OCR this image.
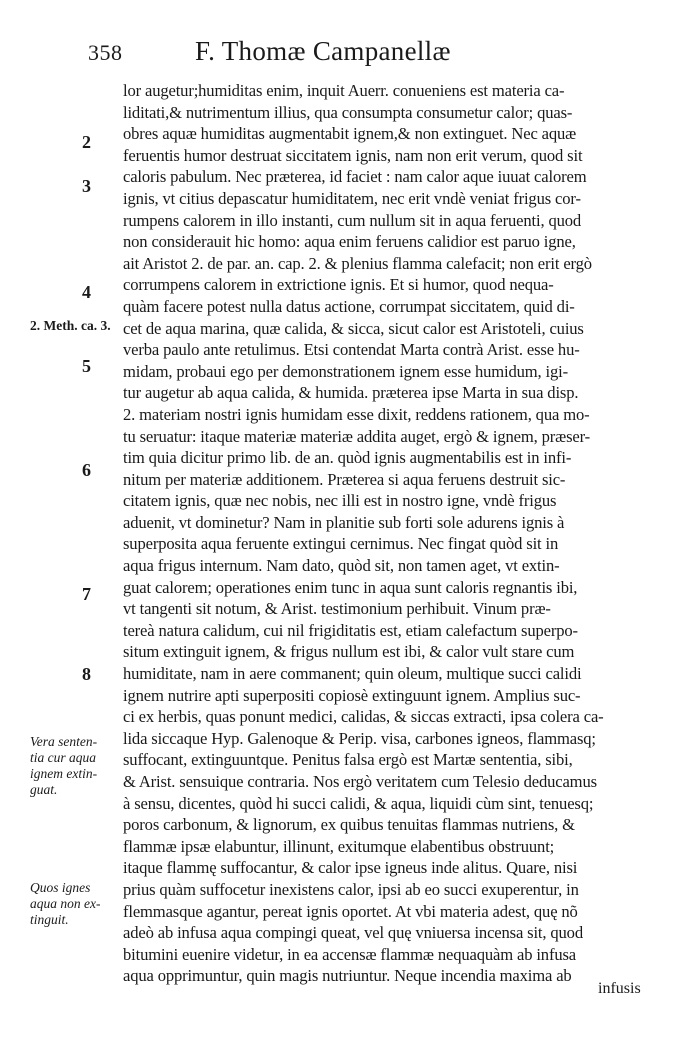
358	F. Thomæ Campanellæ
lor augetur;humiditas enim, inquit Auerr. conueniens est materia ca-
liditati,& nutrimentum illius, qua consumpta consumetur calor; quas-
obres aquæ humiditas augmentabit ignem,& non extinguet. Nec aquæ
feruentis humor destruat siccitatem ignis, nam non erit verum, quod sit
caloris pabulum. Nec præterea, id faciet : nam calor aque iuuat calorem
ignis, vt citius depascatur humiditatem, nec erit vndè veniat frigus cor-
rumpens calorem in illo instanti, cum nullum sit in aqua feruenti, quod
non considerauit hic homo: aqua enim feruens calidior est paruo igne,
ait Aristot 2. de par. an. cap. 2. & plenius flamma calefacit; non erit ergò
corrumpens calorem in extrictione ignis. Et si humor, quod nequa-
quàm facere potest nulla datus actione, corrumpat siccitatem, quid di-
cet de aqua marina, quæ calida, & sicca, sicut calor est Aristoteli, cuius
verba paulo ante retulimus. Etsi contendat Marta contrà Arist. esse hu-
midam, probaui ego per demonstrationem ignem esse humidum, igi-
tur augetur ab aqua calida, & humida. præterea ipse Marta in sua disp.
2. materiam nostri ignis humidam esse dixit, reddens rationem, qua mo-
tu seruatur: itaque materiæ materiæ addita auget, ergò & ignem, præser-
tim quia dicitur primo lib. de an. quòd ignis augmentabilis est in infi-
nitum per materiæ additionem. Præterea si aqua feruens destruit sic-
citatem ignis, quæ nec nobis, nec illi est in nostro igne, vndè frigus
aduenit, vt dominetur? Nam in planitie sub forti sole adurens ignis à
superposita aqua feruente extingui cernimus. Nec fingat quòd sit in
aqua frigus internum. Nam dato, quòd sit, non tamen aget, vt extin-
guat calorem; operationes enim tunc in aqua sunt caloris regnantis ibi,
vt tangenti sit notum, & Arist. testimonium perhibuit. Vinum præ-
tereà natura calidum, cui nil frigiditatis est, etiam calefactum superpo-
situm extinguit ignem, & frigus nullum est ibi, & calor vult stare cum
humiditate, nam in aere commanent; quin oleum, multique succi calidi
ignem nutrire apti superpositi copiosè extinguunt ignem. Amplius suc-
ci ex herbis, quas ponunt medici, calidas, & siccas extracti, ipsa colera ca-
lida siccaque Hyp. Galenoque & Perip. visa, carbones igneos, flammasq;
suffocant, extinguuntque. Penitus falsa ergò est Martæ sententia, sibi,
& Arist. sensuique contraria. Nos ergò veritatem cum Telesio deducamus
à sensu, dicentes, quòd hi succi calidi, & aqua, liquidi cùm sint, tenuesq;
poros carbonum, & lignorum, ex quibus tenuitas flammas nutriens, &
flammæ ipsæ elabuntur, illinunt, exitumque elabentibus obstruunt;
itaque flammę suffocantur, & calor ipse igneus inde alitus. Quare, nisi
prius quàm suffocetur inexistens calor, ipsi ab eo succi exuperentur, in
flemmasque agantur, pereat ignis oportet. At vbi materia adest, quę nõ
adeò ab infusa aqua compingi queat, vel quę vniuersa incensa sit, quod
bitumini euenire videtur, in ea accensæ flammæ nequaquàm ab infusa
aqua opprimuntur, quin magis nutriuntur. Neque incendia maxima ab
2
3
4
5
6
7
8
2. Meth. ca. 3.
Vera senten-
tia cur aqua
ignem extin-
guat.
Quos ignes
aqua non ex-
tinguit.
infusis
